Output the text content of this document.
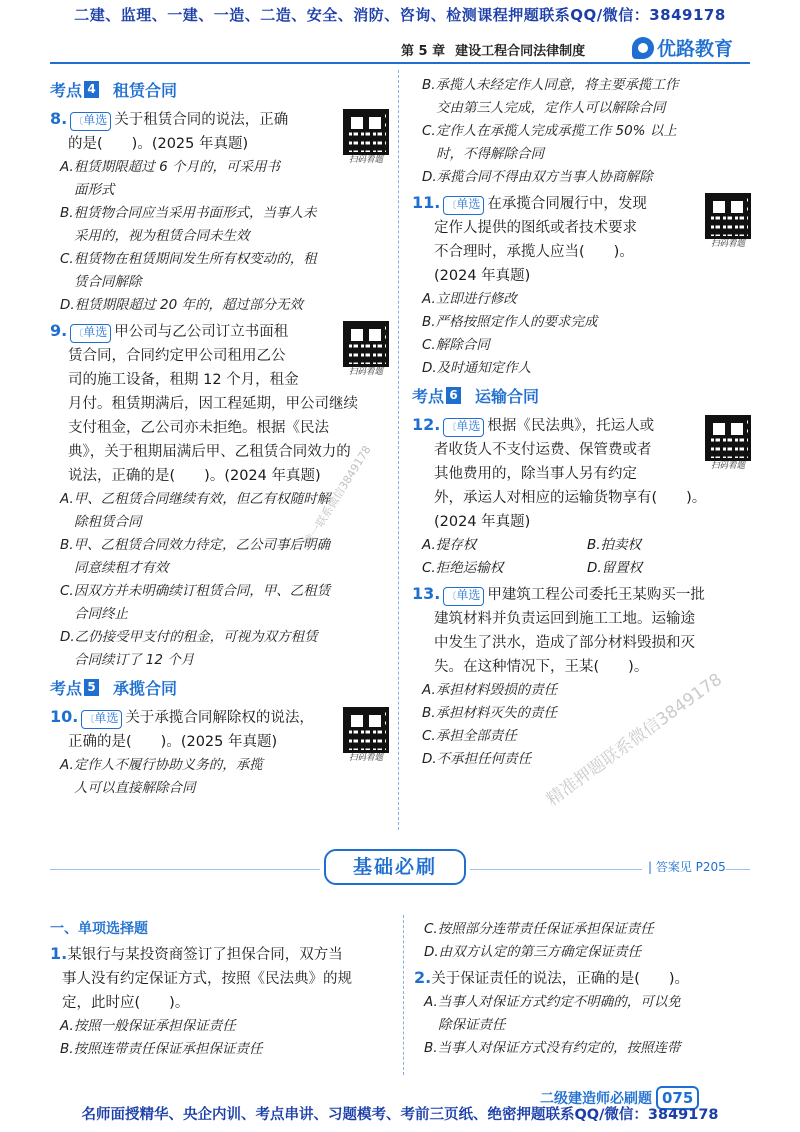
二建、监理、一建、一造、二造、安全、消防、咨询、检测课程押题联系QQ/微信：3849178
第 5 章 建设工程合同法律制度	优路教育
考点 4 租赁合同
扫码看题
8. 〔 单选 关于租赁合同的说法，正确
的是(　　)。(2025 年真题)
A.租赁期限超过 6 个月的，可采用书
面形式
B.租赁物合同应当采用书面形式，当事人未
采用的，视为租赁合同未生效
C.租赁物在租赁期间发生所有权变动的，租
赁合同解除
D.租赁期限超过 20 年的，超过部分无效
扫码看题
9. 〔 单选 甲公司与乙公司订立书面租
赁合同，合同约定甲公司租用乙公
司的施工设备，租期 12 个月，租金
月付。租赁期满后，因工程延期，甲公司继续
支付租金，乙公司亦未拒绝。根据《民法
典》，关于租期届满后甲、乙租赁合同效力的
说法，正确的是(　　)。(2024 年真题)
A.甲、乙租赁合同继续有效，但乙有权随时解
除租赁合同
B.甲、乙租赁合同效力待定，乙公司事后明确
同意续租才有效
C.因双方并未明确续订租赁合同，甲、乙租赁
合同终止
D.乙仍接受甲支付的租金，可视为双方租赁
合同续订了 12 个月
考点 5 承揽合同
扫码看题
10. 〔 单选 关于承揽合同解除权的说法，
正确的是(　　)。(2025 年真题)
A.定作人不履行协助义务的，承揽
人可以直接解除合同
B.承揽人未经定作人同意，将主要承揽工作
交由第三人完成，定作人可以解除合同
C.定作人在承揽人完成承揽工作 50% 以上
时，不得解除合同
D.承揽合同不得由双方当事人协商解除
扫码看题
11. 〔 单选 在承揽合同履行中，发现
定作人提供的图纸或者技术要求
不合理时，承揽人应当(　　)。
(2024 年真题)
A.立即进行修改
B.严格按照定作人的要求完成
C.解除合同
D.及时通知定作人
考点 6 运输合同
扫码看题
12. 〔 单选 根据《民法典》，托运人或
者收货人不支付运费、保管费或者
其他费用的，除当事人另有约定
外，承运人对相应的运输货物享有(　　)。
(2024 年真题)
A.提存权	B.拍卖权
C.拒绝运输权	D.留置权
13. 〔 单选 甲建筑工程公司委托王某购买一批
建筑材料并负责运回到施工工地。运输途
中发生了洪水，造成了部分材料毁损和灭
失。在这种情况下，王某(　　)。
A.承担材料毁损的责任
B.承担材料灭失的责任
C.承担全部责任
D.不承担任何责任
基础必刷	| 答案见 P205
一、单项选择题
1.某银行与某投资商签订了担保合同，双方当
事人没有约定保证方式，按照《民法典》的规
定，此时应(　　)。
A.按照一般保证承担保证责任
B.按照连带责任保证承担保证责任
C.按照部分连带责任保证承担保证责任
D.由双方认定的第三方确定保证责任
2.关于保证责任的说法，正确的是(　　)。
A.当事人对保证方式约定不明确的，可以免
除保证责任
B.当事人对保证方式没有约定的，按照连带
二级建造师必刷题 075
名师面授精华、央企内训、考点串讲、习题模考、考前三页纸、绝密押题联系QQ/微信：3849178
精准押题联系微信3849178
唯一联系微信3849178
